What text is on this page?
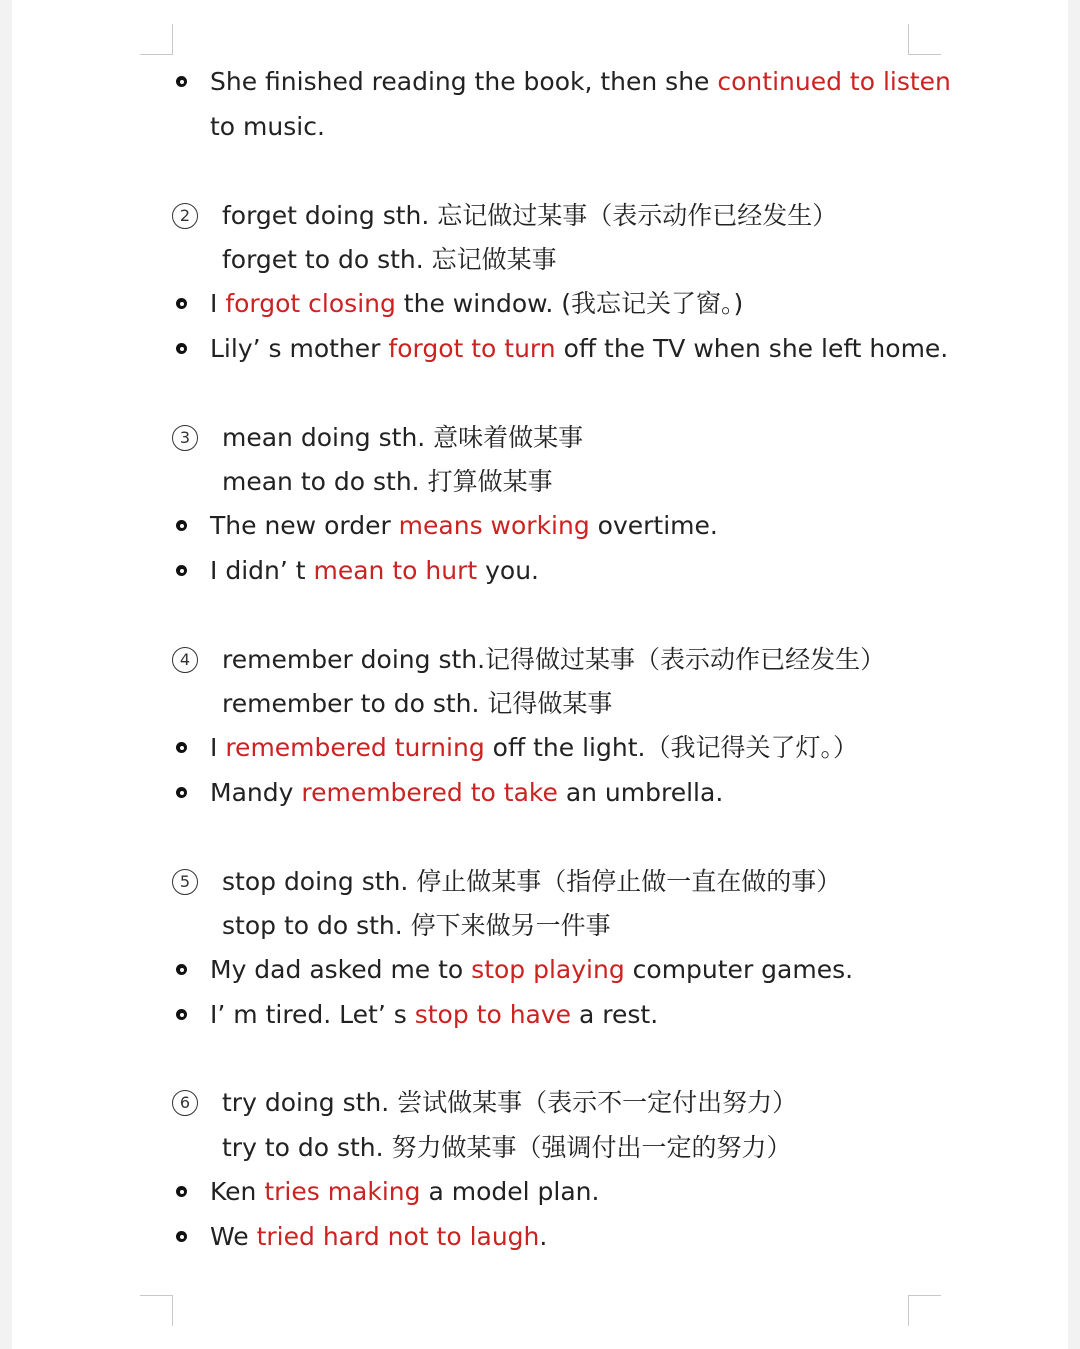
She finished reading the book, then she continued to listen
to music.
2	forget doing sth. 忘记做过某事（表示动作已经发生）
forget to do sth. 忘记做某事
I forgot closing the window. (我忘记关了窗。)
Lily’ s mother forgot to turn off the TV when she left home.
3	mean doing sth. 意味着做某事
mean to do sth. 打算做某事
The new order means working overtime.
I didn’ t mean to hurt you.
4	remember doing sth.记得做过某事（表示动作已经发生）
remember to do sth. 记得做某事
I remembered turning off the light.（我记得关了灯。）
Mandy remembered to take an umbrella.
5	stop doing sth. 停止做某事（指停止做一直在做的事）
stop to do sth. 停下来做另一件事
My dad asked me to stop playing computer games.
I’ m tired. Let’ s stop to have a rest.
6	try doing sth. 尝试做某事（表示不一定付出努力）
try to do sth. 努力做某事（强调付出一定的努力）
Ken tries making a model plan.
We tried hard not to laugh.
